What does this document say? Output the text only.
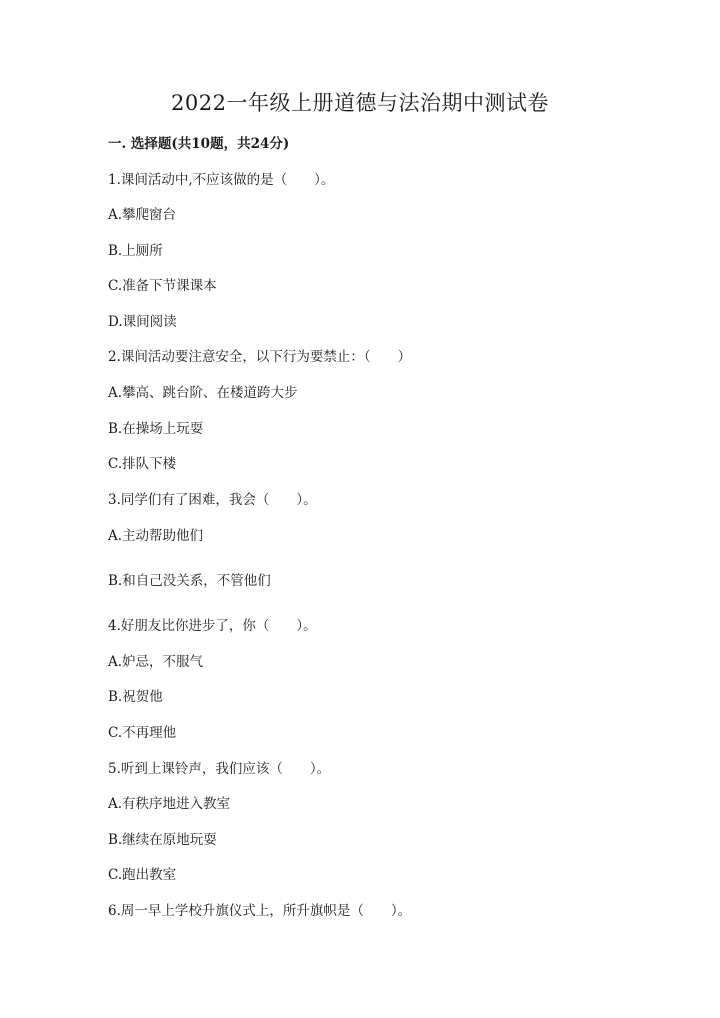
2022一年级上册道德与法治期中测试卷
一. 选择题(共10题，共24分)
1.课间活动中,不应该做的是（　　）。
A.攀爬窗台
B.上厕所
C.准备下节课课本
D.课间阅读
2.课间活动要注意安全，以下行为要禁止：（　　）
A.攀高、跳台阶、在楼道跨大步
B.在操场上玩耍
C.排队下楼
3.同学们有了困难，我会（　　）。
A.主动帮助他们
B.和自己没关系，不管他们
4.好朋友比你进步了，你（　　）。
A.妒忌，不服气
B.祝贺他
C.不再理他
5.听到上课铃声，我们应该（　　）。
A.有秩序地进入教室
B.继续在原地玩耍
C.跑出教室
6.周一早上学校升旗仪式上，所升旗帜是（　　）。
